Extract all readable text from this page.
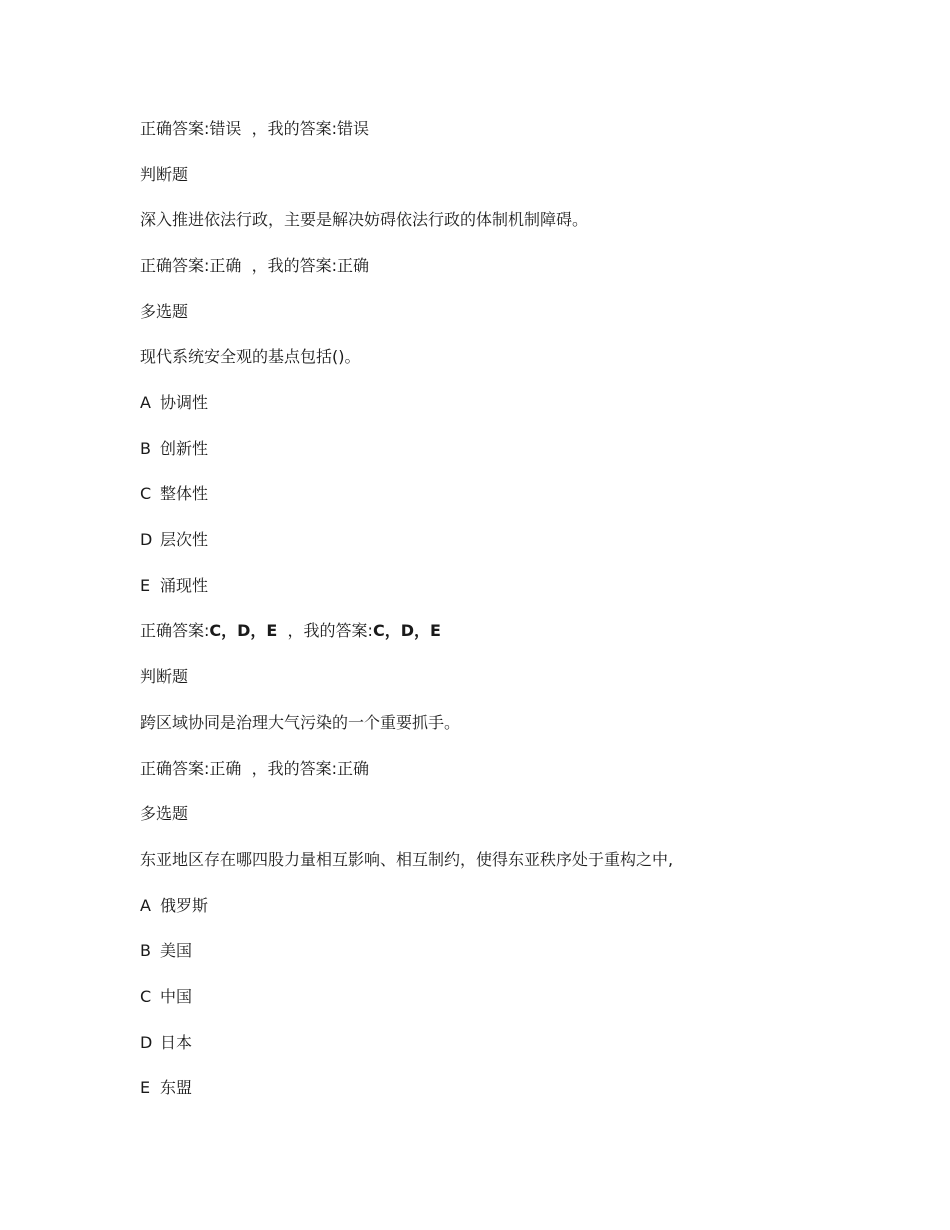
正确答案:错误  ，我的答案:错误
判断题
深入推进依法行政，主要是解决妨碍依法行政的体制机制障碍。
正确答案:正确  ，我的答案:正确
多选题
现代系统安全观的基点包括()。
A 协调性
B 创新性
C 整体性
D 层次性
E 涌现性
正确答案:C，D，E  ，我的答案:C，D，E
判断题
跨区域协同是治理大气污染的一个重要抓手。
正确答案:正确  ，我的答案:正确
多选题
东亚地区存在哪四股力量相互影响、相互制约，使得东亚秩序处于重构之中,
A 俄罗斯
B 美国
C 中国
D 日本
E 东盟
